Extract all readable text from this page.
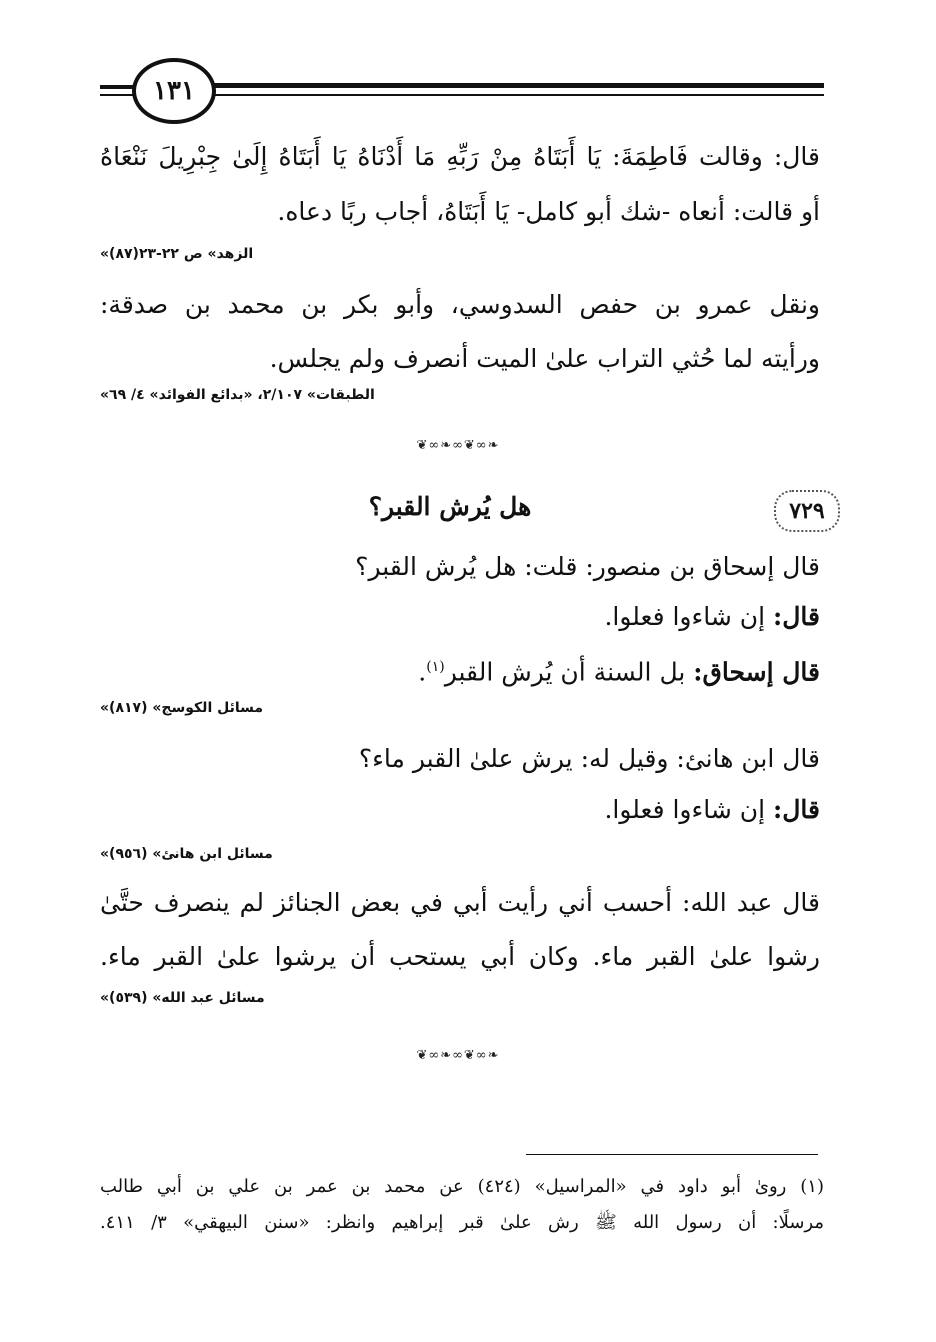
١٣١
قال: وقالت فَاطِمَةَ: يَا أَبَتَاهُ مِنْ رَبِّهِ مَا أَدْنَاهُ يَا أَبَتَاهُ إِلَىٰ جِبْرِيلَ نَنْعَاهُ
أو قالت: أنعاه -شك أبو كامل- يَا أَبَتَاهُ، أجاب ربًا دعاه.
«الزهد» ص ٢٢-٢٣(٨٧)
ونقل عمرو بن حفص السدوسي، وأبو بكر بن محمد بن صدقة:
ورأيته لما حُثي التراب علىٰ الميت أنصرف ولم يجلس.
«الطبقات» ٢/١٠٧، «بدائع الفوائد» ٤/ ٦٩
❦∞❧∞❦∞❧
٧٢٩
هل يُرش القبر؟
قال إسحاق بن منصور: قلت: هل يُرش القبر؟
قال: إن شاءوا فعلوا.
قال إسحاق: بل السنة أن يُرش القبر$^{(١)}$.
«مسائل الكوسج» (٨١٧)
قال ابن هانئ: وقيل له: يرش علىٰ القبر ماء؟
قال: إن شاءوا فعلوا.
«مسائل ابن هانئ» (٩٥٦)
قال عبد الله: أحسب أني رأيت أبي في بعض الجنائز لم ينصرف حتَّىٰ
رشوا علىٰ القبر ماء. وكان أبي يستحب أن يرشوا علىٰ القبر ماء.
«مسائل عبد الله» (٥٣٩)
❦∞❧∞❦∞❧
(١) رویٰ أبو داود في «المراسيل» (٤٢٤) عن محمد بن عمر بن علي بن أبي طالب
مرسلًا: أن رسول الله ﷺ رش علىٰ قبر إبراهيم وانظر: «سنن البيهقي» ٣/ ٤١١.
